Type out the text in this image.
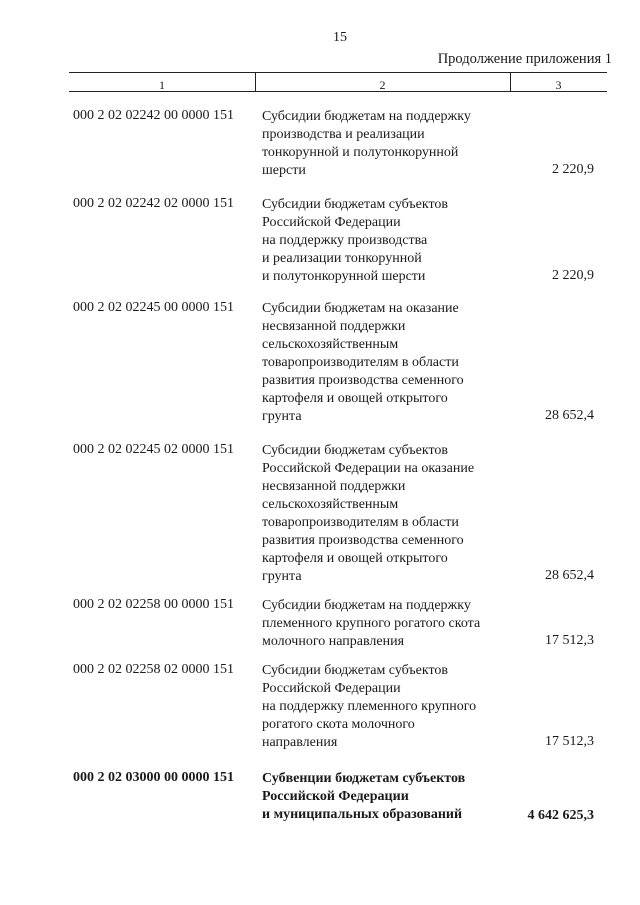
15
Продолжение приложения 1
1	2	3
000 2 02 02242 00 0000 151	Субсидии бюджетам на поддержку
производства и реализации
тонкорунной и полутонкорунной
шерсти	2 220,9
000 2 02 02242 02 0000 151	Субсидии бюджетам субъектов
Российской Федерации
на поддержку производства
и реализации тонкорунной
и полутонкорунной шерсти	2 220,9
000 2 02 02245 00 0000 151	Субсидии бюджетам на оказание
несвязанной поддержки
сельскохозяйственным
товаропроизводителям в области
развития производства семенного
картофеля и овощей открытого
грунта	28 652,4
000 2 02 02245 02 0000 151	Субсидии бюджетам субъектов
Российской Федерации на оказание
несвязанной поддержки
сельскохозяйственным
товаропроизводителям в области
развития производства семенного
картофеля и овощей открытого
грунта	28 652,4
000 2 02 02258 00 0000 151	Субсидии бюджетам на поддержку
племенного крупного рогатого скота
молочного направления	17 512,3
000 2 02 02258 02 0000 151	Субсидии бюджетам субъектов
Российской Федерации
на поддержку племенного крупного
рогатого скота молочного
направления	17 512,3
000 2 02 03000 00 0000 151	Субвенции бюджетам субъектов
Российской Федерации
и муниципальных образований	4 642 625,3
